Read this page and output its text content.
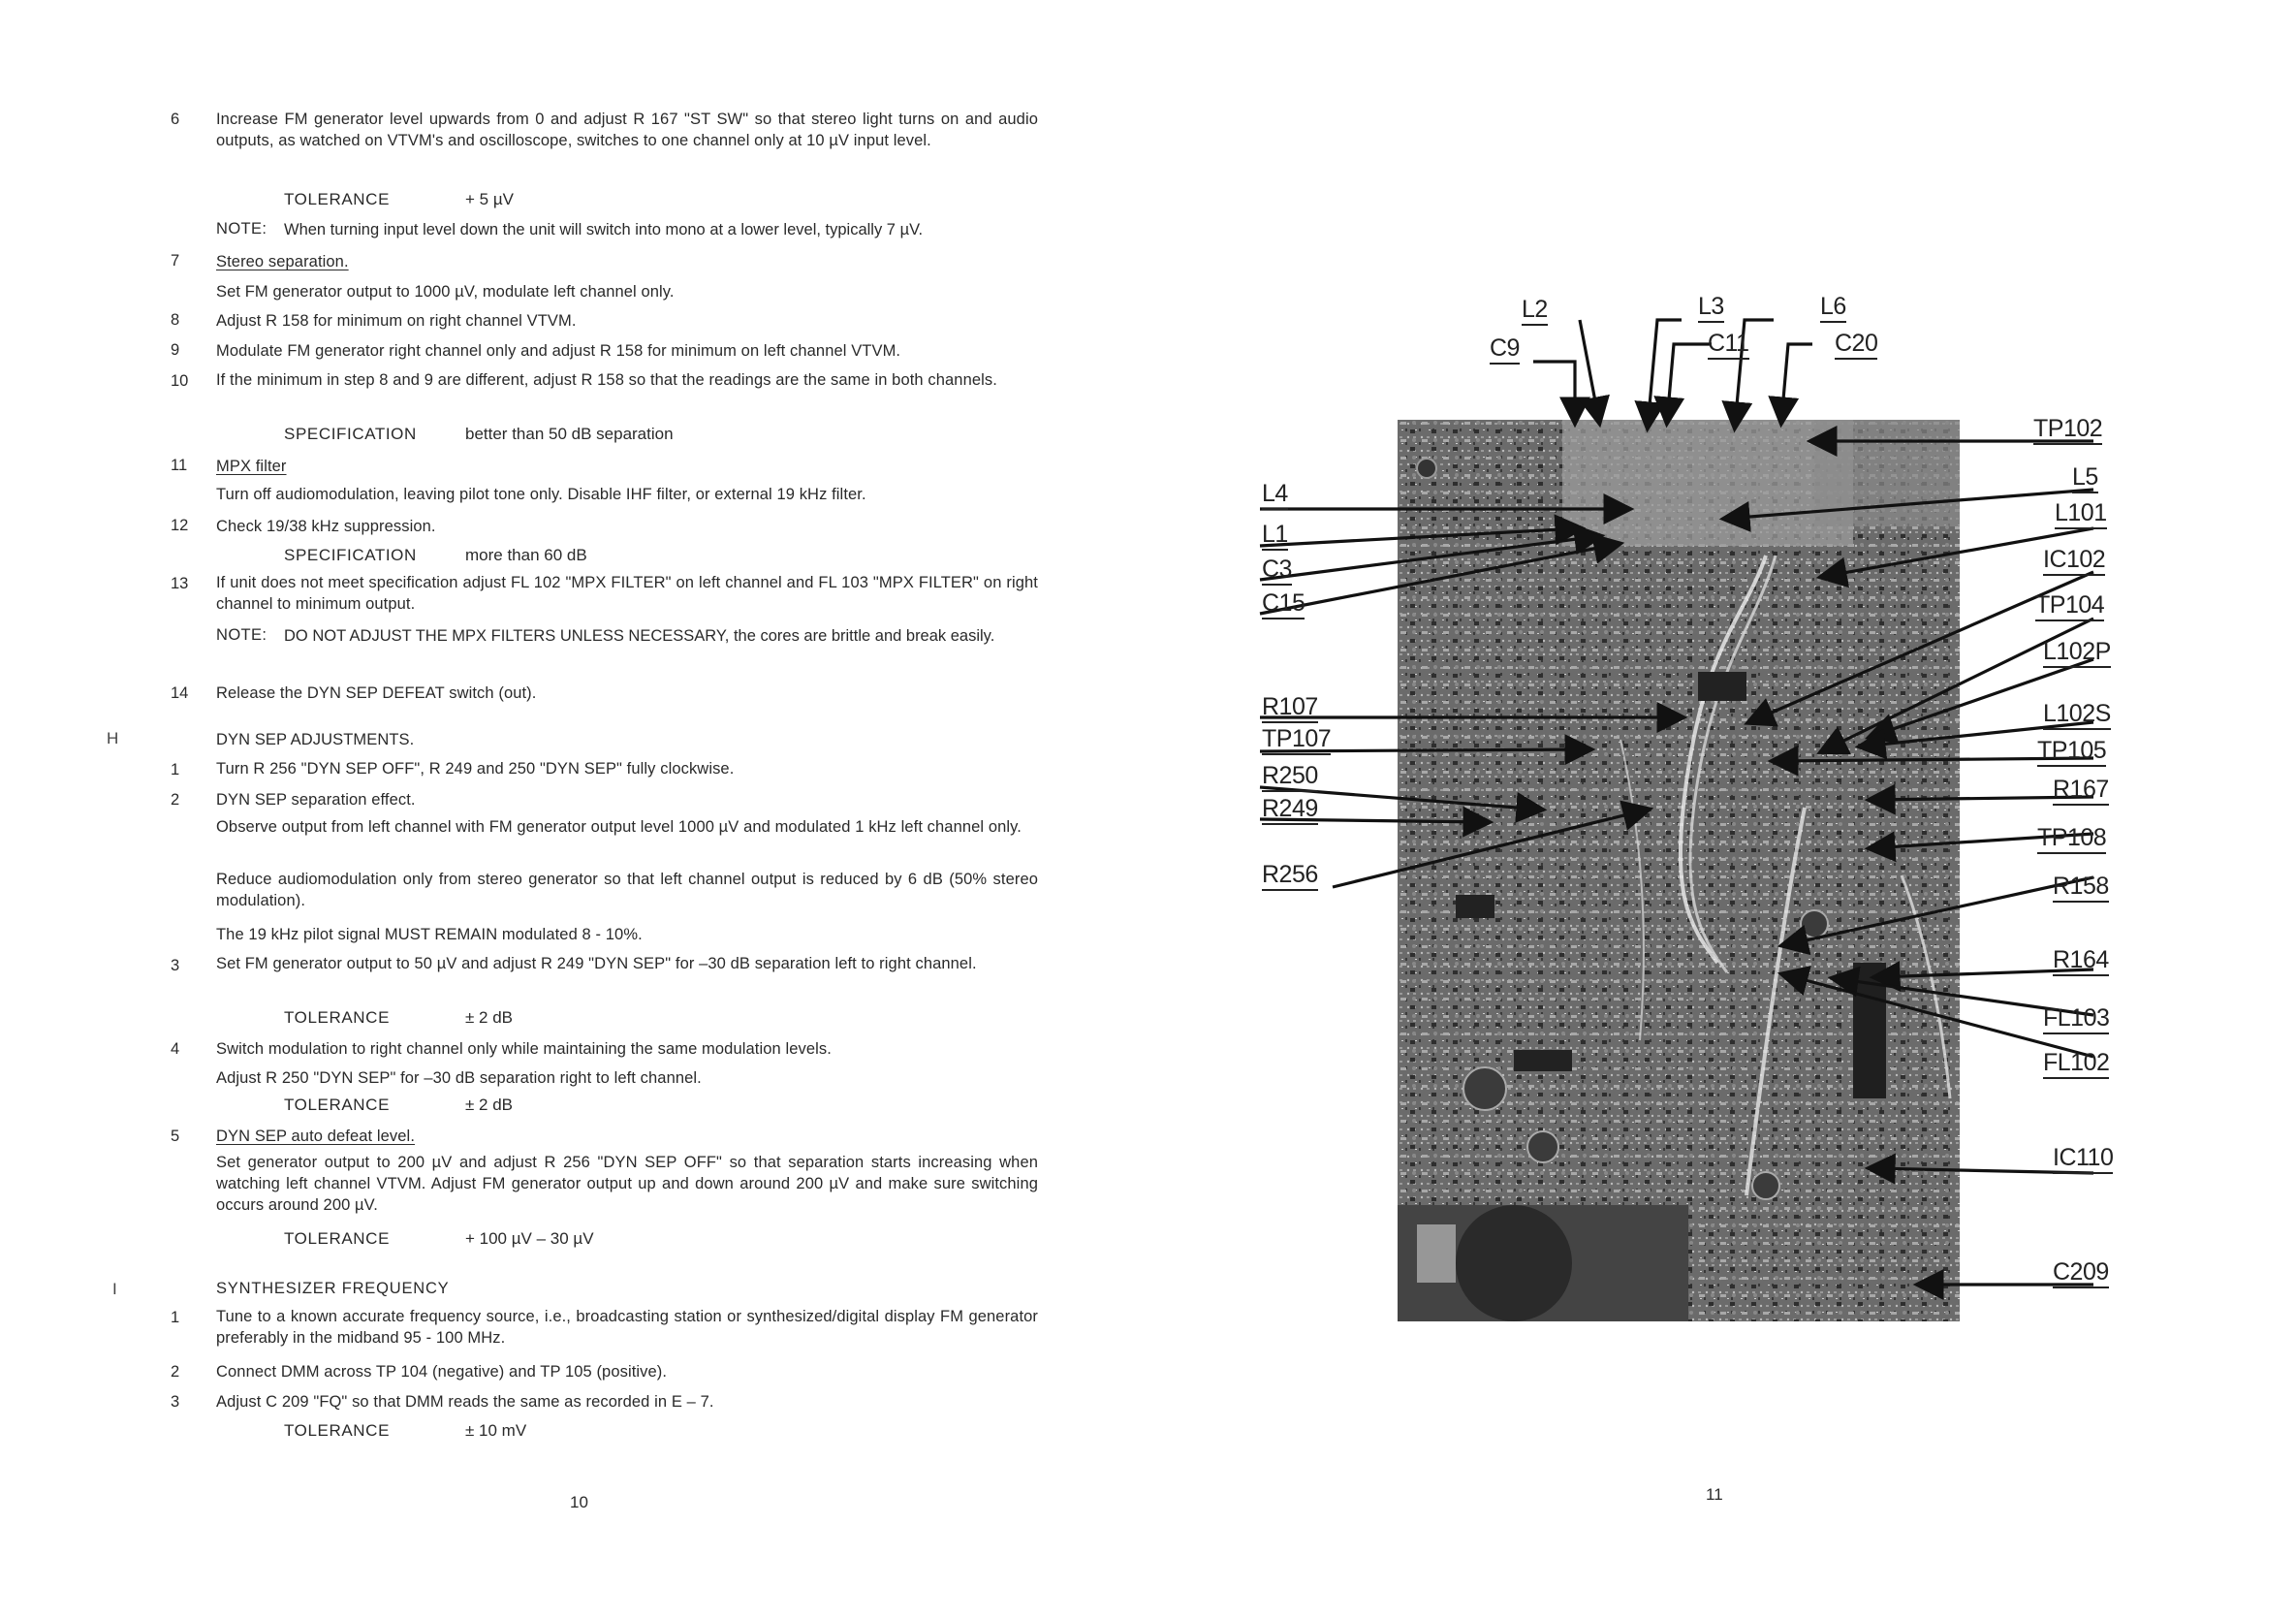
H
I
6	Increase FM generator level upwards from 0 and adjust R 167 "ST SW" so that stereo light turns on and audio outputs, as watched on VTVM's and oscilloscope, switches to one channel only at 10 µV input level.
TOLERANCE	+ 5 µV
NOTE: When turning input level down the unit will switch into mono at a lower level, typically 7 µV.
7	Stereo separation.
Set FM generator output to 1000 µV, modulate left channel only.
8	Adjust R 158 for minimum on right channel VTVM.
9	Modulate FM generator right channel only and adjust R 158 for minimum on left channel VTVM.
10	If the minimum in step 8 and 9 are different, adjust R 158 so that the readings are the same in both channels.
SPECIFICATION	better than 50 dB separation
11	MPX filter
Turn off audiomodulation, leaving pilot tone only. Disable IHF filter, or external 19 kHz filter.
12	Check 19/38 kHz suppression.
SPECIFICATION	more than 60 dB
13	If unit does not meet specification adjust FL 102 "MPX FILTER" on left channel and FL 103 "MPX FILTER" on right channel to minimum output.
NOTE: DO NOT ADJUST THE MPX FILTERS UNLESS NECESSARY, the cores are brittle and break easily.
14	Release the DYN SEP DEFEAT switch (out).
DYN SEP ADJUSTMENTS.
1	Turn R 256 "DYN SEP OFF", R 249 and 250 "DYN SEP" fully clockwise.
2	DYN SEP separation effect.
Observe output from left channel with FM generator output level 1000 µV and modulated 1 kHz left channel only.
Reduce audiomodulation only from stereo generator so that left channel output is reduced by 6 dB (50% stereo modulation).
The 19 kHz pilot signal MUST REMAIN modulated 8 - 10%.
3	Set FM generator output to 50 µV and adjust R 249 "DYN SEP" for –30 dB separation left to right channel.
TOLERANCE	± 2 dB
4	Switch modulation to right channel only while maintaining the same modulation levels.
Adjust R 250 "DYN SEP" for –30 dB separation right to left channel.
TOLERANCE	± 2 dB
5	DYN SEP auto defeat level.
Set generator output to 200 µV and adjust R 256 "DYN SEP OFF" so that separation starts increasing when watching left channel VTVM. Adjust FM generator output up and down around 200 µV and make sure switching occurs around 200 µV.
TOLERANCE	+ 100 µV – 30 µV
SYNTHESIZER FREQUENCY
1	Tune to a known accurate frequency source, i.e., broadcasting station or synthesized/digital display FM generator preferably in the midband 95 - 100 MHz.
2	Connect DMM across TP 104 (negative) and TP 105 (positive).
3	Adjust C 209 "FQ" so that DMM reads the same as recorded in E – 7.
TOLERANCE	± 10 mV
10
L2	L3	L6
C9	C11	C20
L4
L1
C3
C15
R107
TP107
R250
R249
R256
TP102
L5
L101
IC102
TP104
L102P
L102S
TP105
R167
TP108
R158
R164
FL103
FL102
IC110
C209
11
